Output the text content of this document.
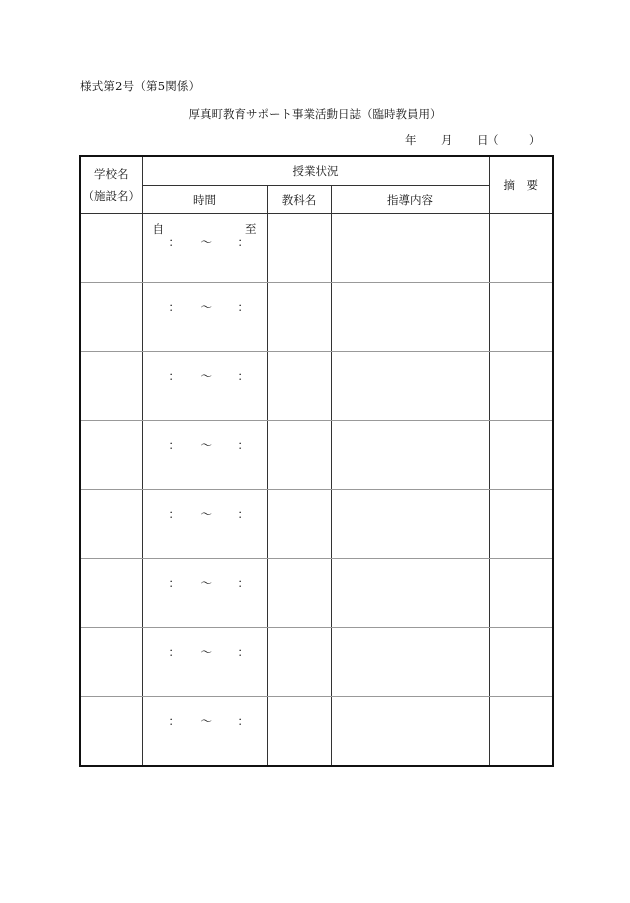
様式第2号（第5関係）
厚真町教育サポート事業活動日誌（臨時教員用）
年 月 日（	）
学校名
（施設名）	授業状況			摘　要
	時間	教科名	指導内容	

	自 至
： ～ ：			

	： ～ ：			

	： ～ ：			

	： ～ ：			

	： ～ ：			

	： ～ ：			

	： ～ ：			

	： ～ ：			
